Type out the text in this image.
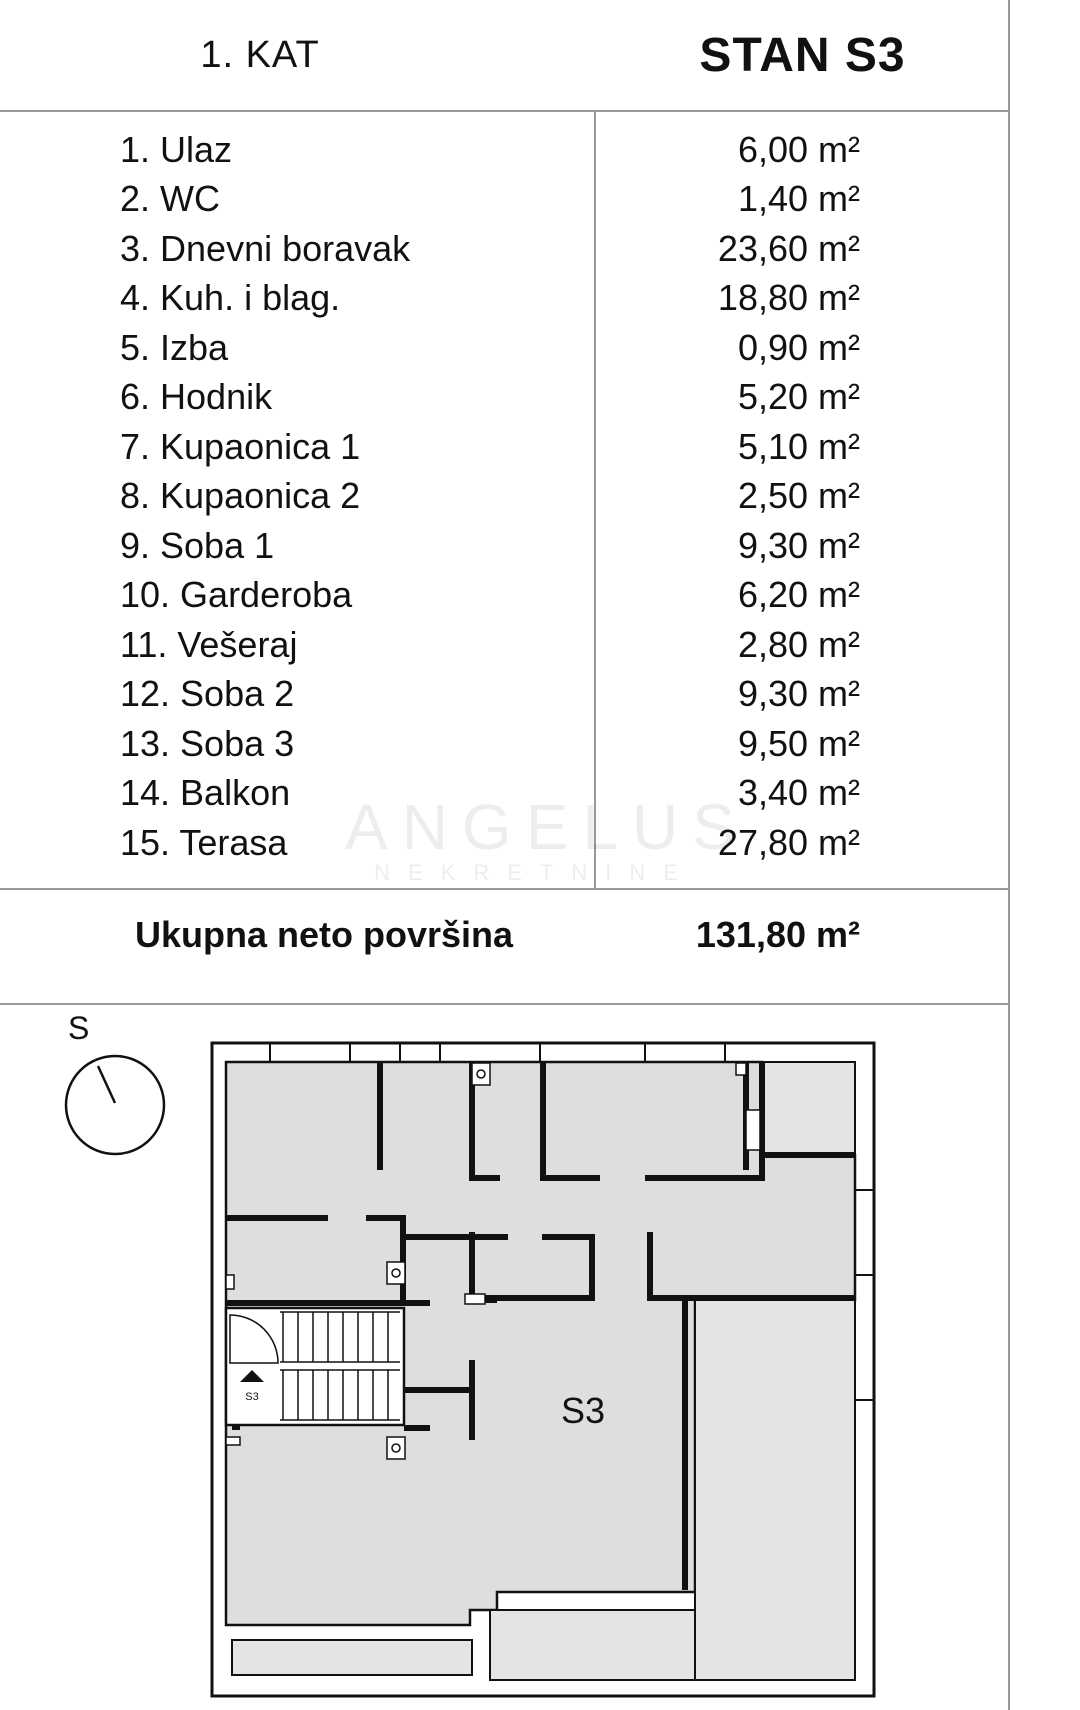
1. KAT	STAN S3
1. Ulaz	6,00 m²
2. WC	1,40 m²
3. Dnevni boravak	23,60 m²
4. Kuh. i blag.	18,80 m²
5. Izba	0,90 m²
6. Hodnik	5,20 m²
7. Kupaonica 1	5,10 m²
8. Kupaonica 2	2,50 m²
9. Soba 1	9,30 m²
10. Garderoba	6,20 m²
11. Vešeraj	2,80 m²
12. Soba 2	9,30 m²
13. Soba 3	9,50 m²
14. Balkon	3,40 m²
15. Terasa	27,80 m²
ANGELUS
NEKRETNINE
Ukupna neto površina	131,80 m²
S
S3	S3
